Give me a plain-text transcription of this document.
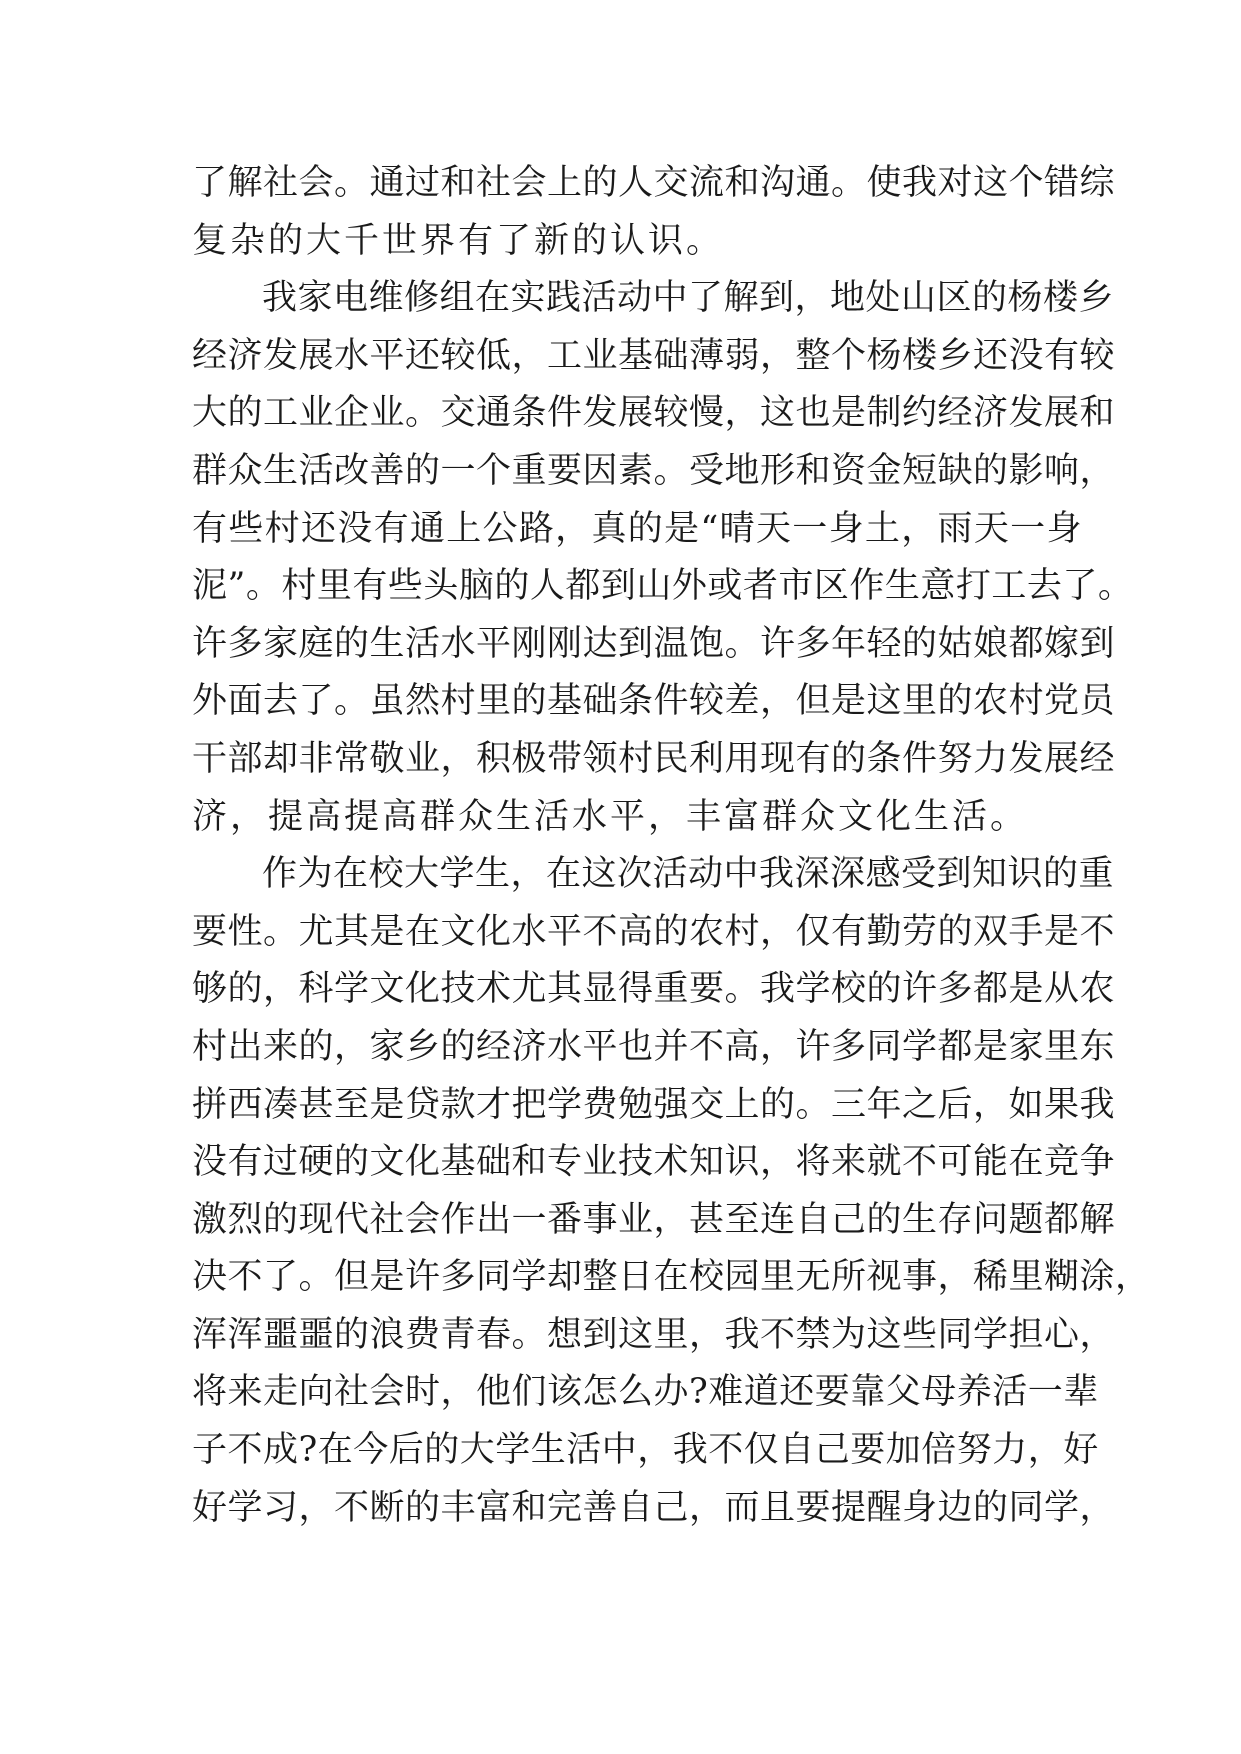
了解社会。通过和社会上的人交流和沟通。使我对这个错综
复杂的大千世界有了新的认识。
我家电维修组在实践活动中了解到，地处山区的杨楼乡
经济发展水平还较低，工业基础薄弱，整个杨楼乡还没有较
大的工业企业。交通条件发展较慢，这也是制约经济发展和
群众生活改善的一个重要因素。受地形和资金短缺的影响，
有些村还没有通上公路，真的是“晴天一身土，雨天一身
泥”。村里有些头脑的人都到山外或者市区作生意打工去了。
许多家庭的生活水平刚刚达到温饱。许多年轻的姑娘都嫁到
外面去了。虽然村里的基础条件较差，但是这里的农村党员
干部却非常敬业，积极带领村民利用现有的条件努力发展经
济，提高提高群众生活水平，丰富群众文化生活。
作为在校大学生，在这次活动中我深深感受到知识的重
要性。尤其是在文化水平不高的农村，仅有勤劳的双手是不
够的，科学文化技术尤其显得重要。我学校的许多都是从农
村出来的，家乡的经济水平也并不高，许多同学都是家里东
拼西凑甚至是贷款才把学费勉强交上的。三年之后，如果我
没有过硬的文化基础和专业技术知识，将来就不可能在竞争
激烈的现代社会作出一番事业，甚至连自己的生存问题都解
决不了。但是许多同学却整日在校园里无所视事，稀里糊涂，
浑浑噩噩的浪费青春。想到这里，我不禁为这些同学担心，
将来走向社会时，他们该怎么办?难道还要靠父母养活一辈
子不成?在今后的大学生活中，我不仅自己要加倍努力，好
好学习，不断的丰富和完善自己，而且要提醒身边的同学，
